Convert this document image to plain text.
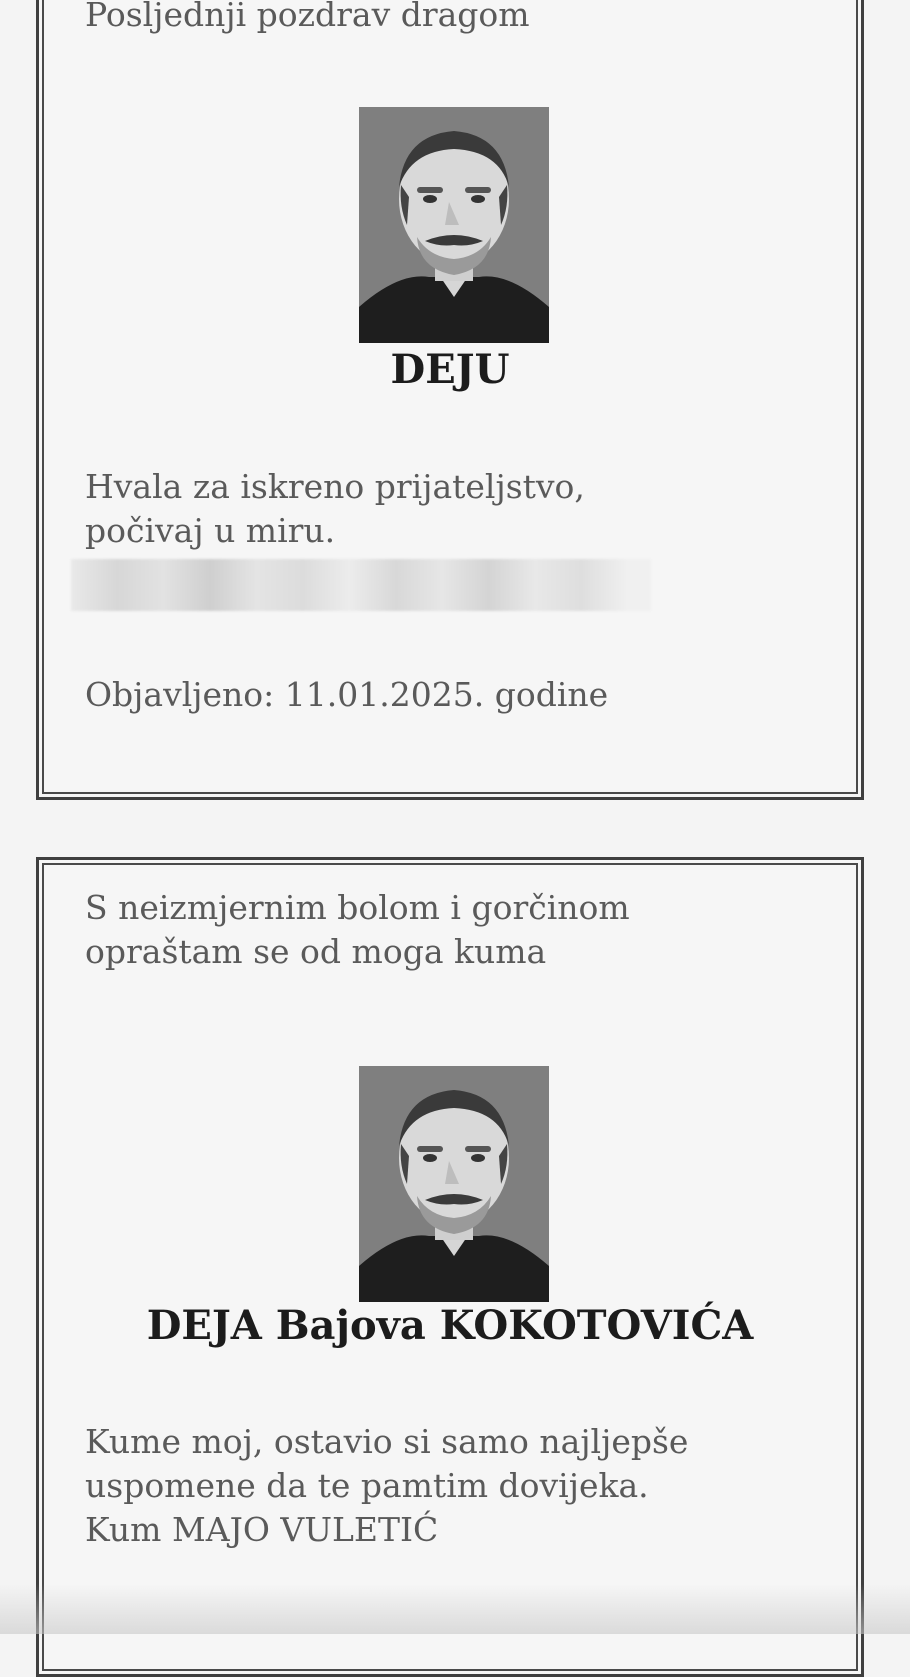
Posljednji pozdrav dragom
DEJU
Hvala za iskreno prijateljstvo,
počivaj u miru.
Objavljeno: 11.01.2025. godine
S neizmjernim bolom i gorčinom
opraštam se od moga kuma
DEJA Bajova KOKOTOVIĆA
Kume moj, ostavio si samo najljepše
uspomene da te pamtim dovijeka.
Kum MAJO VULETIĆ
